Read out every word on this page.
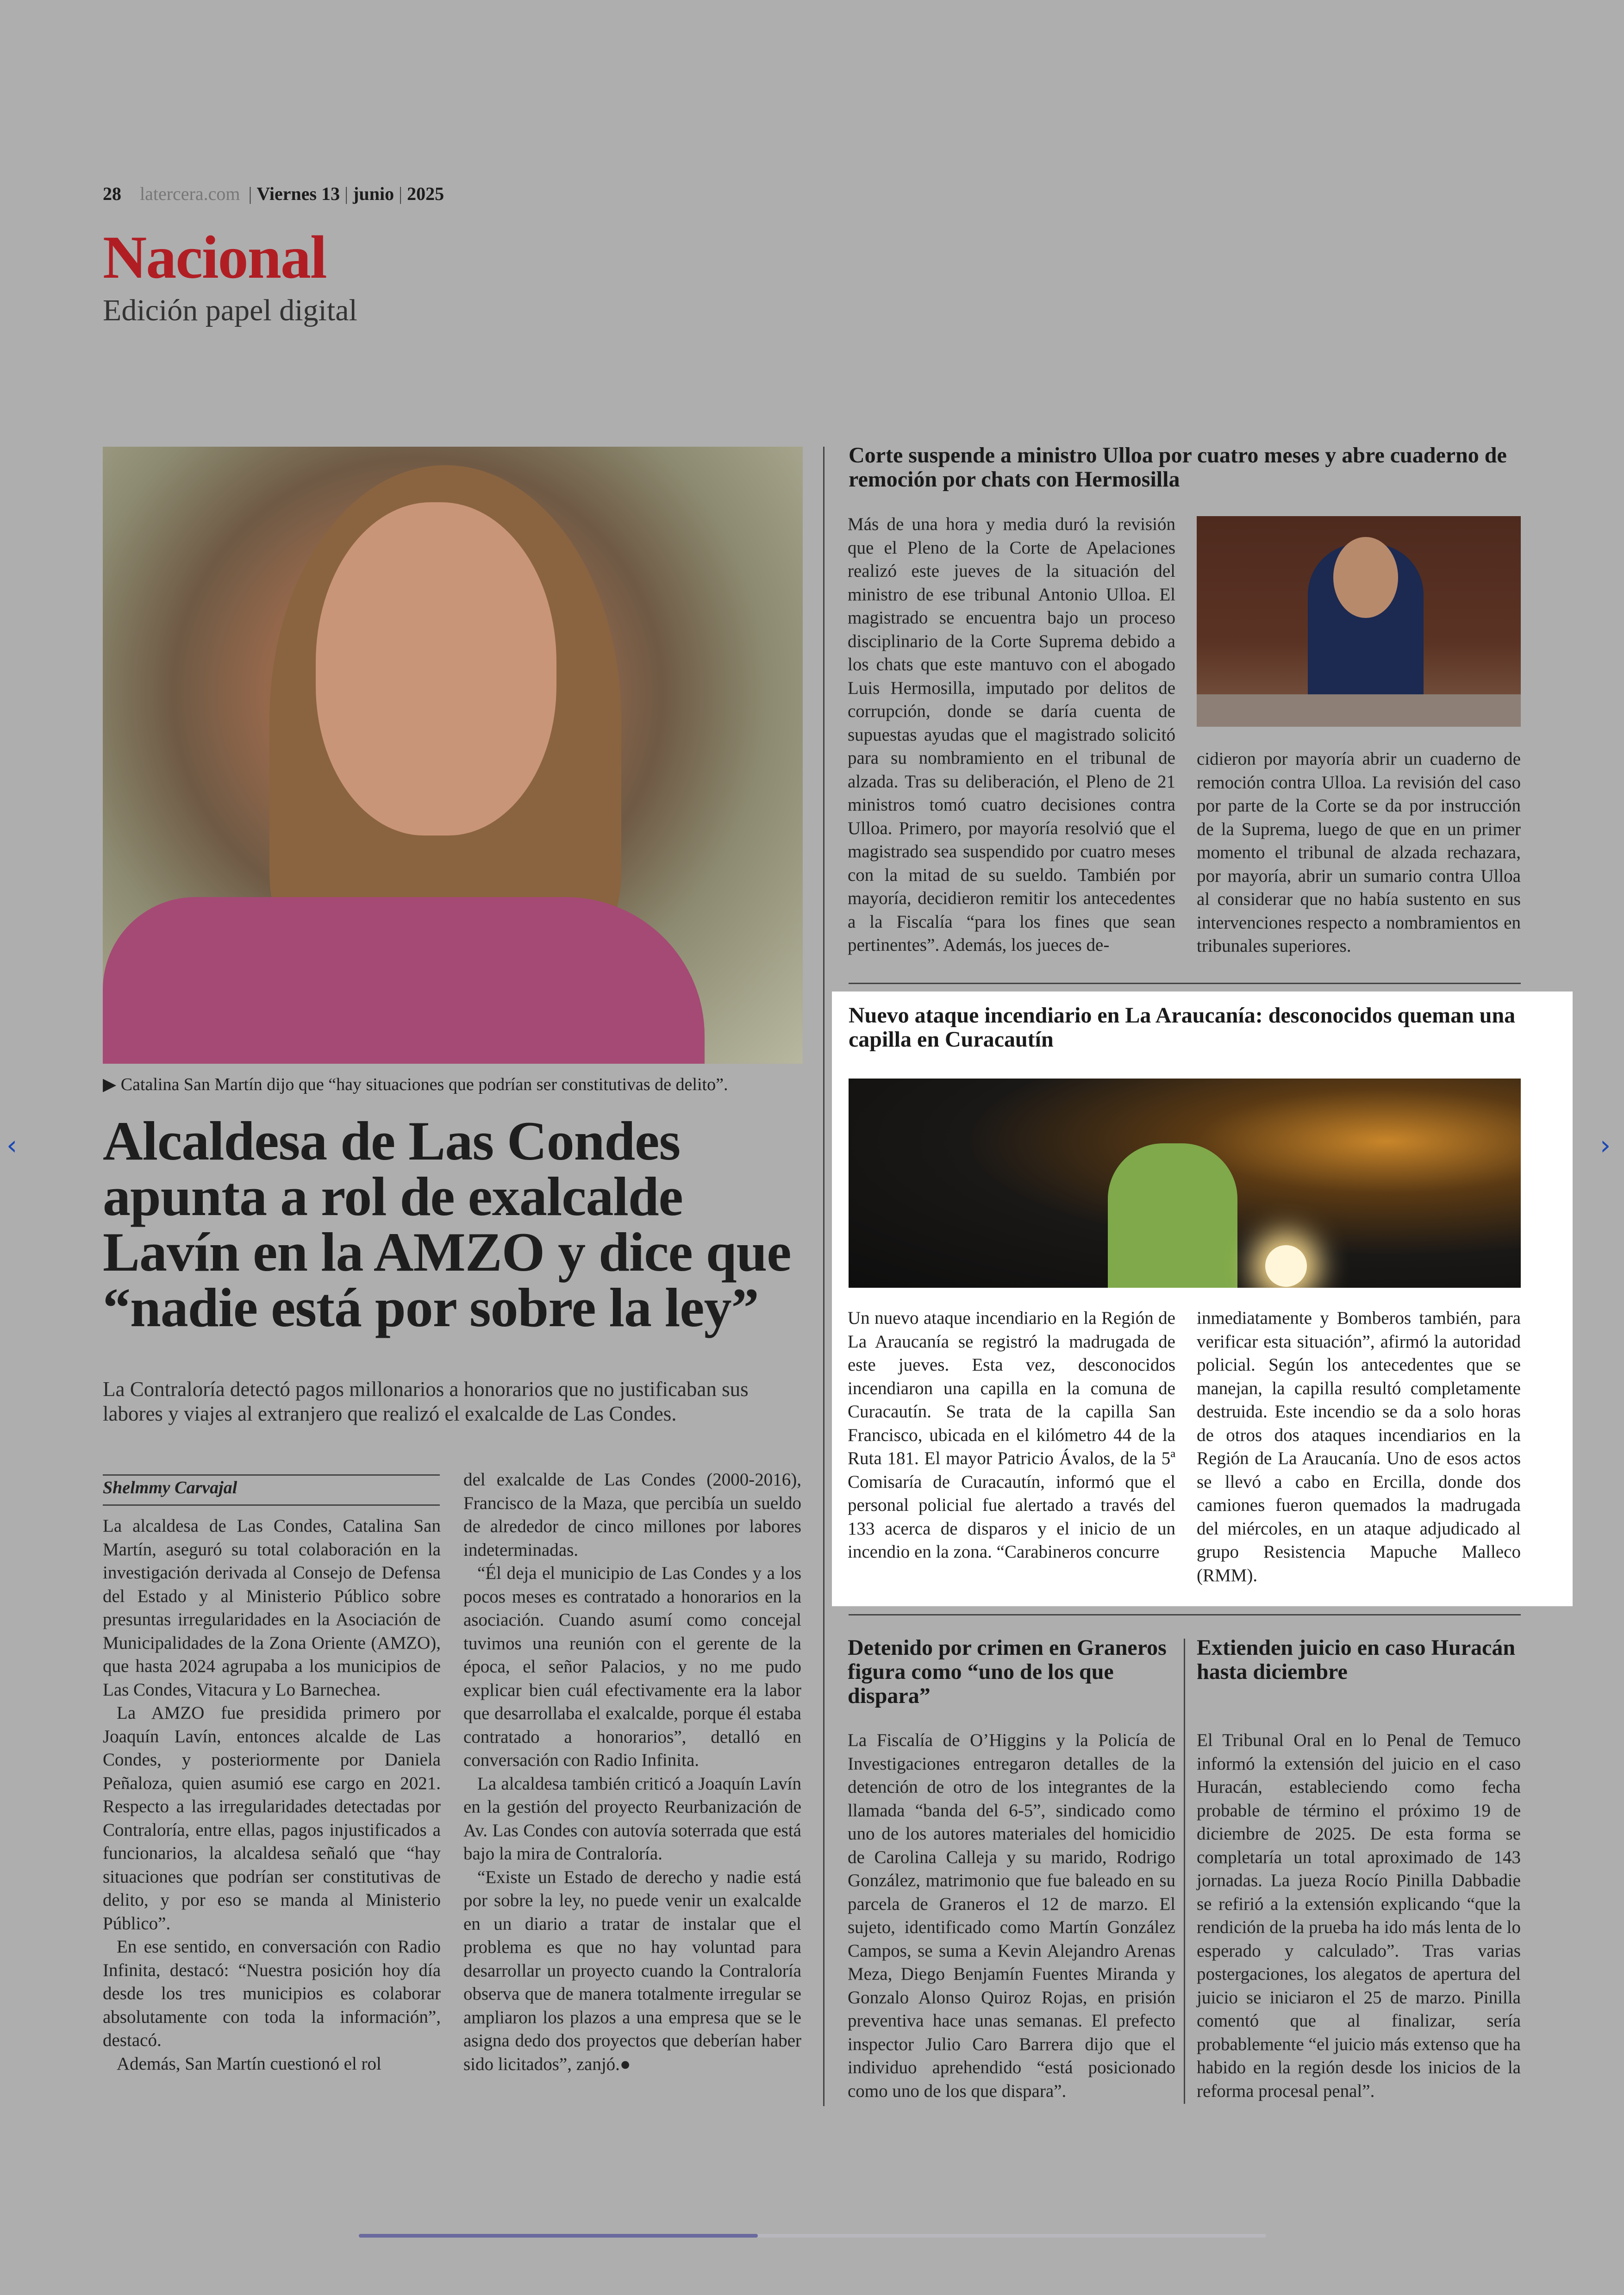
28 latercera.com | Viernes 13 | junio | 2025
Nacional
Edición papel digital
▶ Catalina San Martín dijo que “hay situaciones que podrían ser constitutivas de delito”.
Alcaldesa de Las Condes apunta a rol de exalcalde Lavín en la AMZO y dice que “nadie está por sobre la ley”
La Contraloría detectó pagos millonarios a honorarios que no justificaban sus labores y viajes al extranjero que realizó el exalcalde de Las Condes.
Shelmmy Carvajal

La alcaldesa de Las Condes, Catalina San Martín, aseguró su total colaboración en la investigación derivada al Consejo de Defensa del Estado y al Ministerio Público sobre presuntas irregularidades en la Asociación de Municipalidades de la Zona Oriente (AMZO), que hasta 2024 agrupaba a los municipios de Las Condes, Vitacura y Lo Barnechea.

La AMZO fue presidida primero por Joaquín Lavín, entonces alcalde de Las Condes, y posteriormente por Daniela Peñaloza, quien asumió ese cargo en 2021. Respecto a las irregularidades detectadas por Contraloría, entre ellas, pagos injustificados a funcionarios, la alcaldesa señaló que “hay situaciones que podrían ser constitutivas de delito, y por eso se manda al Ministerio Público”.

En ese sentido, en conversación con Radio Infinita, destacó: “Nuestra posición hoy día desde los tres municipios es colaborar absolutamente con toda la información”, destacó.

Además, San Martín cuestionó el rol

del exalcalde de Las Condes (2000-2016), Francisco de la Maza, que percibía un sueldo de alrededor de cinco millones por labores indeterminadas.

“Él deja el municipio de Las Condes y a los pocos meses es contratado a honorarios en la asociación. Cuando asumí como concejal tuvimos una reunión con el gerente de la época, el señor Palacios, y no me pudo explicar bien cuál efectivamente era la labor que desarrollaba el exalcalde, porque él estaba contratado a honorarios”, detalló en conversación con Radio Infinita.

La alcaldesa también criticó a Joaquín Lavín en la gestión del proyecto Reurbanización de Av. Las Condes con autovía soterrada que está bajo la mira de Contraloría.

“Existe un Estado de derecho y nadie está por sobre la ley, no puede venir un exalcalde en un diario a tratar de instalar que el problema es que no hay voluntad para desarrollar un proyecto cuando la Contraloría observa que de manera totalmente irregular se ampliaron los plazos a una empresa que se le asigna dedo dos proyectos que deberían haber sido licitados”, zanjó.●

Corte suspende a ministro Ulloa por cuatro meses y abre cuaderno de remoción por chats con Hermosilla

Más de una hora y media duró la revisión que el Pleno de la Corte de Apelaciones realizó este jueves de la situación del ministro de ese tribunal Antonio Ulloa. El magistrado se encuentra bajo un proceso disciplinario de la Corte Suprema debido a los chats que este mantuvo con el abogado Luis Hermosilla, imputado por delitos de corrupción, donde se daría cuenta de supuestas ayudas que el magistrado solicitó para su nombramiento en el tribunal de alzada. Tras su deliberación, el Pleno de 21 ministros tomó cuatro decisiones contra Ulloa. Primero, por mayoría resolvió que el magistrado sea suspendido por cuatro meses con la mitad de su sueldo. También por mayoría, decidieron remitir los antecedentes a la Fiscalía “para los fines que sean pertinentes”. Además, los jueces de-

cidieron por mayoría abrir un cuaderno de remoción contra Ulloa. La revisión del caso por parte de la Corte se da por instrucción de la Suprema, luego de que en un primer momento el tribunal de alzada rechazara, por mayoría, abrir un sumario contra Ulloa al considerar que no había sustento en sus intervenciones respecto a nombramientos en tribunales superiores.

Nuevo ataque incendiario en La Araucanía: desconocidos queman una capilla en Curacautín

Un nuevo ataque incendiario en la Región de La Araucanía se registró la madrugada de este jueves. Esta vez, desconocidos incendiaron una capilla en la comuna de Curacautín. Se trata de la capilla San Francisco, ubicada en el kilómetro 44 de la Ruta 181. El mayor Patricio Ávalos, de la 5ª Comisaría de Curacautín, informó que el personal policial fue alertado a través del 133 acerca de disparos y el inicio de un incendio en la zona. “Carabineros concurre

inmediatamente y Bomberos también, para verificar esta situación”, afirmó la autoridad policial. Según los antecedentes que se manejan, la capilla resultó completamente destruida. Este incendio se da a solo horas de otros dos ataques incendiarios en la Región de La Araucanía. Uno de esos actos se llevó a cabo en Ercilla, donde dos camiones fueron quemados la madrugada del miércoles, en un ataque adjudicado al grupo Resistencia Mapuche Malleco (RMM).

Detenido por crimen en Graneros figura como “uno de los que dispara”

La Fiscalía de O’Higgins y la Policía de Investigaciones entregaron detalles de la detención de otro de los integrantes de la llamada “banda del 6-5”, sindicado como uno de los autores materiales del homicidio de Carolina Calleja y su marido, Rodrigo González, matrimonio que fue baleado en su parcela de Graneros el 12 de marzo. El sujeto, identificado como Martín González Campos, se suma a Kevin Alejandro Arenas Meza, Diego Benjamín Fuentes Miranda y Gonzalo Alonso Quiroz Rojas, en prisión preventiva hace unas semanas. El prefecto inspector Julio Caro Barrera dijo que el individuo aprehendido “está posicionado como uno de los que dispara”.

Extienden juicio en caso Huracán hasta diciembre

El Tribunal Oral en lo Penal de Temuco informó la extensión del juicio en el caso Huracán, estableciendo como fecha probable de término el próximo 19 de diciembre de 2025. De esta forma se completaría un total aproximado de 143 jornadas. La jueza Rocío Pinilla Dabbadie se refirió a la extensión explicando “que la rendición de la prueba ha ido más lenta de lo esperado y calculado”. Tras varias postergaciones, los alegatos de apertura del juicio se iniciaron el 25 de marzo. Pinilla comentó que al finalizar, sería probablemente “el juicio más extenso que ha habido en la región desde los inicios de la reforma procesal penal”.

‹	›
